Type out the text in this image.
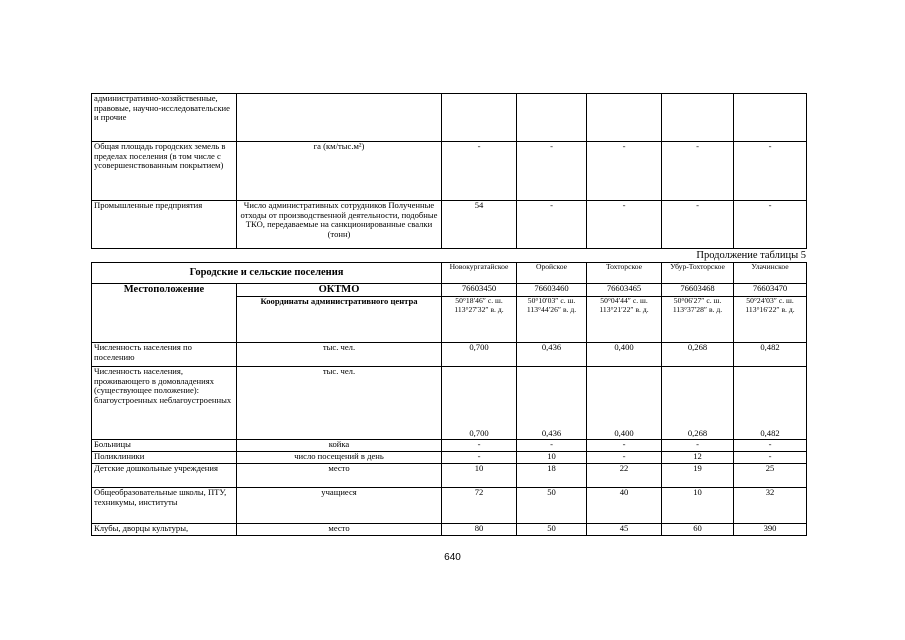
административно-хозяйственные, правовые, научно-исследовательские и прочие						
Общая площадь городских земель в пределах поселения (в том числе с усовершенствованным покрытием)	га (км/тыс.м²)	-	-	-	-	-
Промышленные предприятия	Число административных сотрудников Полученные отходы от производственной деятельности, подобные ТКО, передаваемые на санкционированные свалки (тонн)	54	-	-	-	-
Продолжение таблицы 5
Городские и сельские поселения		Новокургатайское	Оройское	Тохторское	Убур-Тохторское	Улачинское
Местоположение	ОКТМО	76603450	76603460	76603465	76603468	76603470
	Координаты административного центра	50°18′46″ с. ш. 113°27′32″ в. д.	50°10′03″ с. ш. 113°44′26″ в. д.	50°04′44″ с. ш. 113°21′22″ в. д.	50°06′27″ с. ш. 113°37′28″ в. д.	50°24′03″ с. ш. 113°16′22″ в. д.
Численность населения по поселению	тыс. чел.	0,700	0,436	0,400	0,268	0,482
Численность населения, проживающего в домовладениях (существующее положение): благоустроенных неблагоустроенных	тыс. чел.	0,700	0,436	0,400	0,268	0,482
Больницы	койка	-	-	-	-	-
Поликлиники	число посещений в день	-	10	-	12	-
Детские дошкольные учреждения	место	10	18	22	19	25
Общеобразовательные школы, ПТУ, техникумы, институты	учащиеся	72	50	40	10	32
Клубы, дворцы культуры,	место	80	50	45	60	390
640
